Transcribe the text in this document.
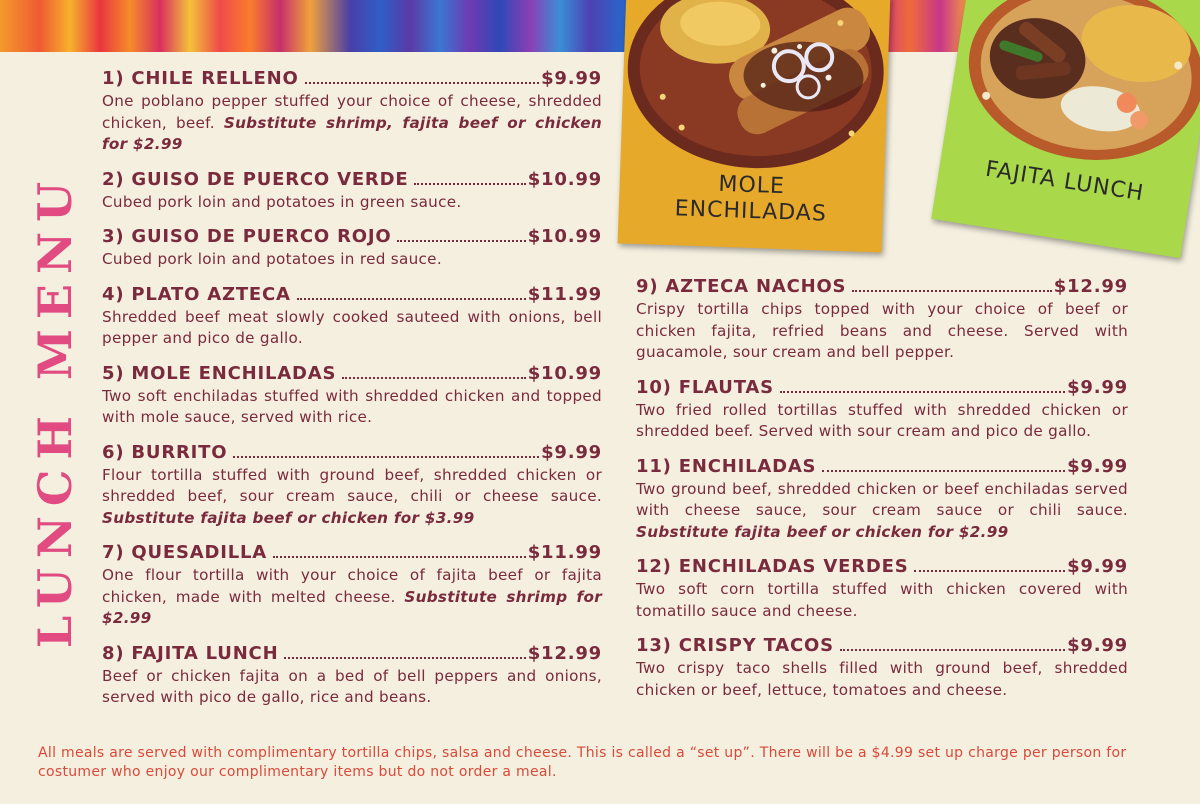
LUNCH MENU
1) CHILE RELLENO	$9.99
One poblano pepper stuffed your choice of cheese, shredded chicken, beef. Substitute shrimp, fajita beef or chicken for $2.99
2) GUISO DE PUERCO VERDE	$10.99
Cubed pork loin and potatoes in green sauce.
3) GUISO DE PUERCO ROJO	$10.99
Cubed pork loin and potatoes in red sauce.
4) PLATO AZTECA	$11.99
Shredded beef meat slowly cooked sauteed with onions, bell pepper and pico de gallo.
5) MOLE ENCHILADAS	$10.99
Two soft enchiladas stuffed with shredded chicken and topped with mole sauce, served with rice.
6) BURRITO	$9.99
Flour tortilla stuffed with ground beef, shredded chicken or shredded beef, sour cream sauce, chili or cheese sauce. Substitute fajita beef or chicken for $3.99
7) QUESADILLA	$11.99
One flour tortilla with your choice of fajita beef or fajita chicken, made with melted cheese. Substitute shrimp for $2.99
8) FAJITA LUNCH	$12.99
Beef or chicken fajita on a bed of bell peppers and onions, served with pico de gallo, rice and beans.
MOLE
ENCHILADAS
FAJITA LUNCH
9) AZTECA NACHOS	$12.99
Crispy tortilla chips topped with your choice of beef or chicken fajita, refried beans and cheese. Served with guacamole, sour cream and bell pepper.
10) FLAUTAS	$9.99
Two fried rolled tortillas stuffed with shredded chicken or shredded beef. Served with sour cream and pico de gallo.
11) ENCHILADAS	$9.99
Two ground beef, shredded chicken or beef enchiladas served with cheese sauce, sour cream sauce or chili sauce. Substitute fajita beef or chicken for $2.99
12) ENCHILADAS VERDES	$9.99
Two soft corn tortilla stuffed with chicken covered with tomatillo sauce and cheese.
13) CRISPY TACOS	$9.99
Two crispy taco shells filled with ground beef, shredded chicken or beef, lettuce, tomatoes and cheese.
All meals are served with complimentary tortilla chips, salsa and cheese. This is called a “set up”. There will be a $4.99 set up charge per person for costumer who enjoy our complimentary items but do not order a meal.
